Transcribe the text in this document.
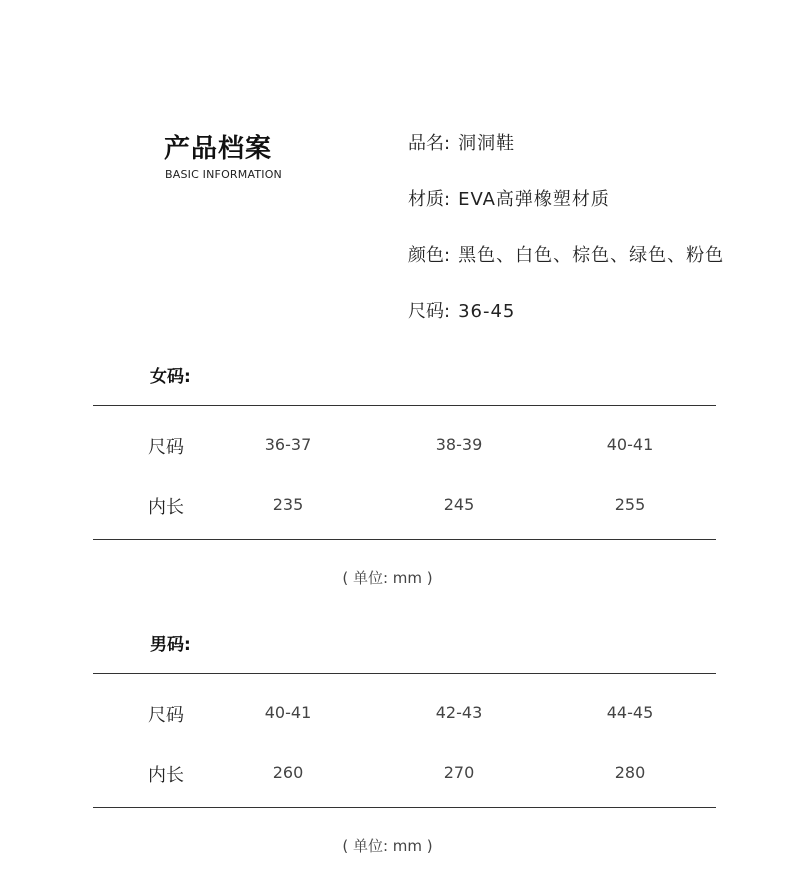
产品档案
BASIC INFORMATION
品名: 洞洞鞋
材质: EVA高弹橡塑材质
颜色: 黑色、白色、棕色、绿色、粉色
尺码: 36-45
女码:
尺码	36-37	38-39	40-41
内长	235	245	255
( 单位: mm )
男码:
尺码	40-41	42-43	44-45
内长	260	270	280
( 单位: mm )
